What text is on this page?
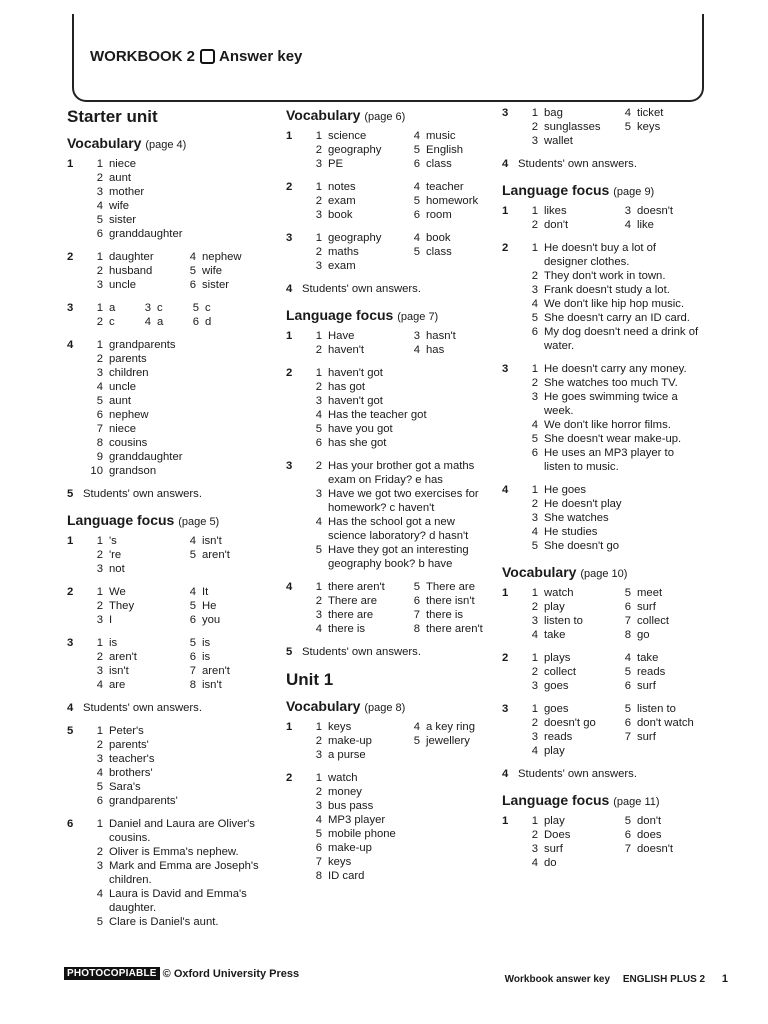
WORKBOOK 2 Answer key
Starter unit
Vocabulary (page 4)
1	1 niece
2 aunt
3 mother
4 wife
5 sister
6 granddaughter
2	1 daughter	4 nephew
2 husband	5 wife
3 uncle	6 sister
3	1 a	3 c	5 c
2 c	4 a	6 d
4	1 grandparents
2 parents
3 children
4 uncle
5 aunt
6 nephew
7 niece
8 cousins
9 granddaughter
10 grandson
5 Students' own answers.
Language focus (page 5)
1	1 's	4 isn't
2 're	5 aren't
3 not
2	1 We	4 It
2 They	5 He
3 I	6 you
3	1 is	5 is
2 aren't	6 is
3 isn't	7 aren't
4 are	8 isn't
4 Students' own answers.
5	1 Peter's
2 parents'
3 teacher's
4 brothers'
5 Sara's
6 grandparents'
6	1 Daniel and Laura are Oliver's cousins.
2 Oliver is Emma's nephew.
3 Mark and Emma are Joseph's children.
4 Laura is David and Emma's daughter.
5 Clare is Daniel's aunt.
Vocabulary (page 6)
1	1 science	4 music
2 geography	5 English
3 PE	6 class
2	1 notes	4 teacher
2 exam	5 homework
3 book	6 room
3	1 geography	4 book
2 maths	5 class
3 exam
4 Students' own answers.
Language focus (page 7)
1	1 Have	3 hasn't
2 haven't	4 has
2	1 haven't got
2 has got
3 haven't got
4 Has the teacher got
5 have you got
6 has she got
3	2 Has your brother got a maths exam on Friday? e has
3 Have we got two exercises for homework? c haven't
4 Has the school got a new science laboratory? d hasn't
5 Have they got an interesting geography book? b have
4	1 there aren't	5 There are
2 There are	6 there isn't
3 there are	7 there is
4 there is	8 there aren't
5 Students' own answers.
Unit 1
Vocabulary (page 8)
1	1 keys	4 a key ring
2 make-up	5 jewellery
3 a purse
2	1 watch
2 money
3 bus pass
4 MP3 player
5 mobile phone
6 make-up
7 keys
8 ID card
3	1 bag	4 ticket
2 sunglasses	5 keys
3 wallet
4 Students' own answers.
Language focus (page 9)
1	1 likes	3 doesn't
2 don't	4 like
2	1 He doesn't buy a lot of designer clothes.
2 They don't work in town.
3 Frank doesn't study a lot.
4 We don't like hip hop music.
5 She doesn't carry an ID card.
6 My dog doesn't need a drink of water.
3	1 He doesn't carry any money.
2 She watches too much TV.
3 He goes swimming twice a week.
4 We don't like horror films.
5 She doesn't wear make-up.
6 He uses an MP3 player to listen to music.
4	1 He goes
2 He doesn't play
3 She watches
4 He studies
5 She doesn't go
Vocabulary (page 10)
1	1 watch	5 meet
2 play	6 surf
3 listen to	7 collect
4 take	8 go
2	1 plays	4 take
2 collect	5 reads
3 goes	6 surf
3	1 goes	5 listen to
2 doesn't go	6 don't watch
3 reads	7 surf
4 play
4 Students' own answers.
Language focus (page 11)
1	1 play	5 don't
2 Does	6 does
3 surf	7 doesn't
4 do
PHOTOCOPIABLE © Oxford University Press	Workbook answer key ENGLISH PLUS 2 1
